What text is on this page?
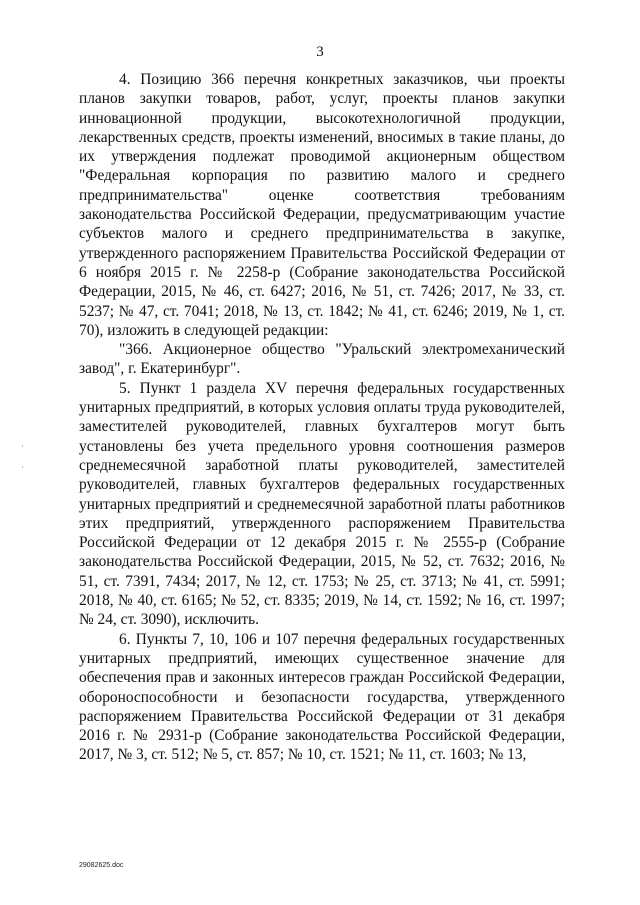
3

4. Позицию 366 перечня конкретных заказчиков, чьи проекты планов закупки товаров, работ, услуг, проекты планов закупки инновационной продукции, высокотехнологичной продукции, лекарственных средств, проекты изменений, вносимых в такие планы, до их утверждения подлежат проводимой акционерным обществом "Федеральная корпорация по развитию малого и среднего предпринимательства" оценке соответствия требованиям законодательства Российской Федерации, предусматривающим участие субъектов малого и среднего предпринимательства в закупке, утвержденного распоряжением Правительства Российской Федерации от 6 ноября 2015 г. № 2258-р (Собрание законодательства Российской Федерации, 2015, № 46, ст. 6427; 2016, № 51, ст. 7426; 2017, № 33, ст. 5237; № 47, ст. 7041; 2018, № 13, ст. 1842; № 41, ст. 6246; 2019, № 1, ст. 70), изложить в следующей редакции:

"366. Акционерное общество "Уральский электромеханический завод", г. Екатеринбург".

5. Пункт 1 раздела XV перечня федеральных государственных унитарных предприятий, в которых условия оплаты труда руководителей, заместителей руководителей, главных бухгалтеров могут быть установлены без учета предельного уровня соотношения размеров среднемесячной заработной платы руководителей, заместителей руководителей, главных бухгалтеров федеральных государственных унитарных предприятий и среднемесячной заработной платы работников этих предприятий, утвержденного распоряжением Правительства Российской Федерации от 12 декабря 2015 г. № 2555-р (Собрание законодательства Российской Федерации, 2015, № 52, ст. 7632; 2016, № 51, ст. 7391, 7434; 2017, № 12, ст. 1753; № 25, ст. 3713; № 41, ст. 5991; 2018, № 40, ст. 6165; № 52, ст. 8335; 2019, № 14, ст. 1592; № 16, ст. 1997; № 24, ст. 3090), исключить.

6. Пункты 7, 10, 106 и 107 перечня федеральных государственных унитарных предприятий, имеющих существенное значение для обеспечения прав и законных интересов граждан Российской Федерации, обороноспособности и безопасности государства, утвержденного распоряжением Правительства Российской Федерации от 31 декабря 2016 г. № 2931-р (Собрание законодательства Российской Федерации, 2017, № 3, ст. 512; № 5, ст. 857; № 10, ст. 1521; № 11, ст. 1603; № 13,

29082625.doc
